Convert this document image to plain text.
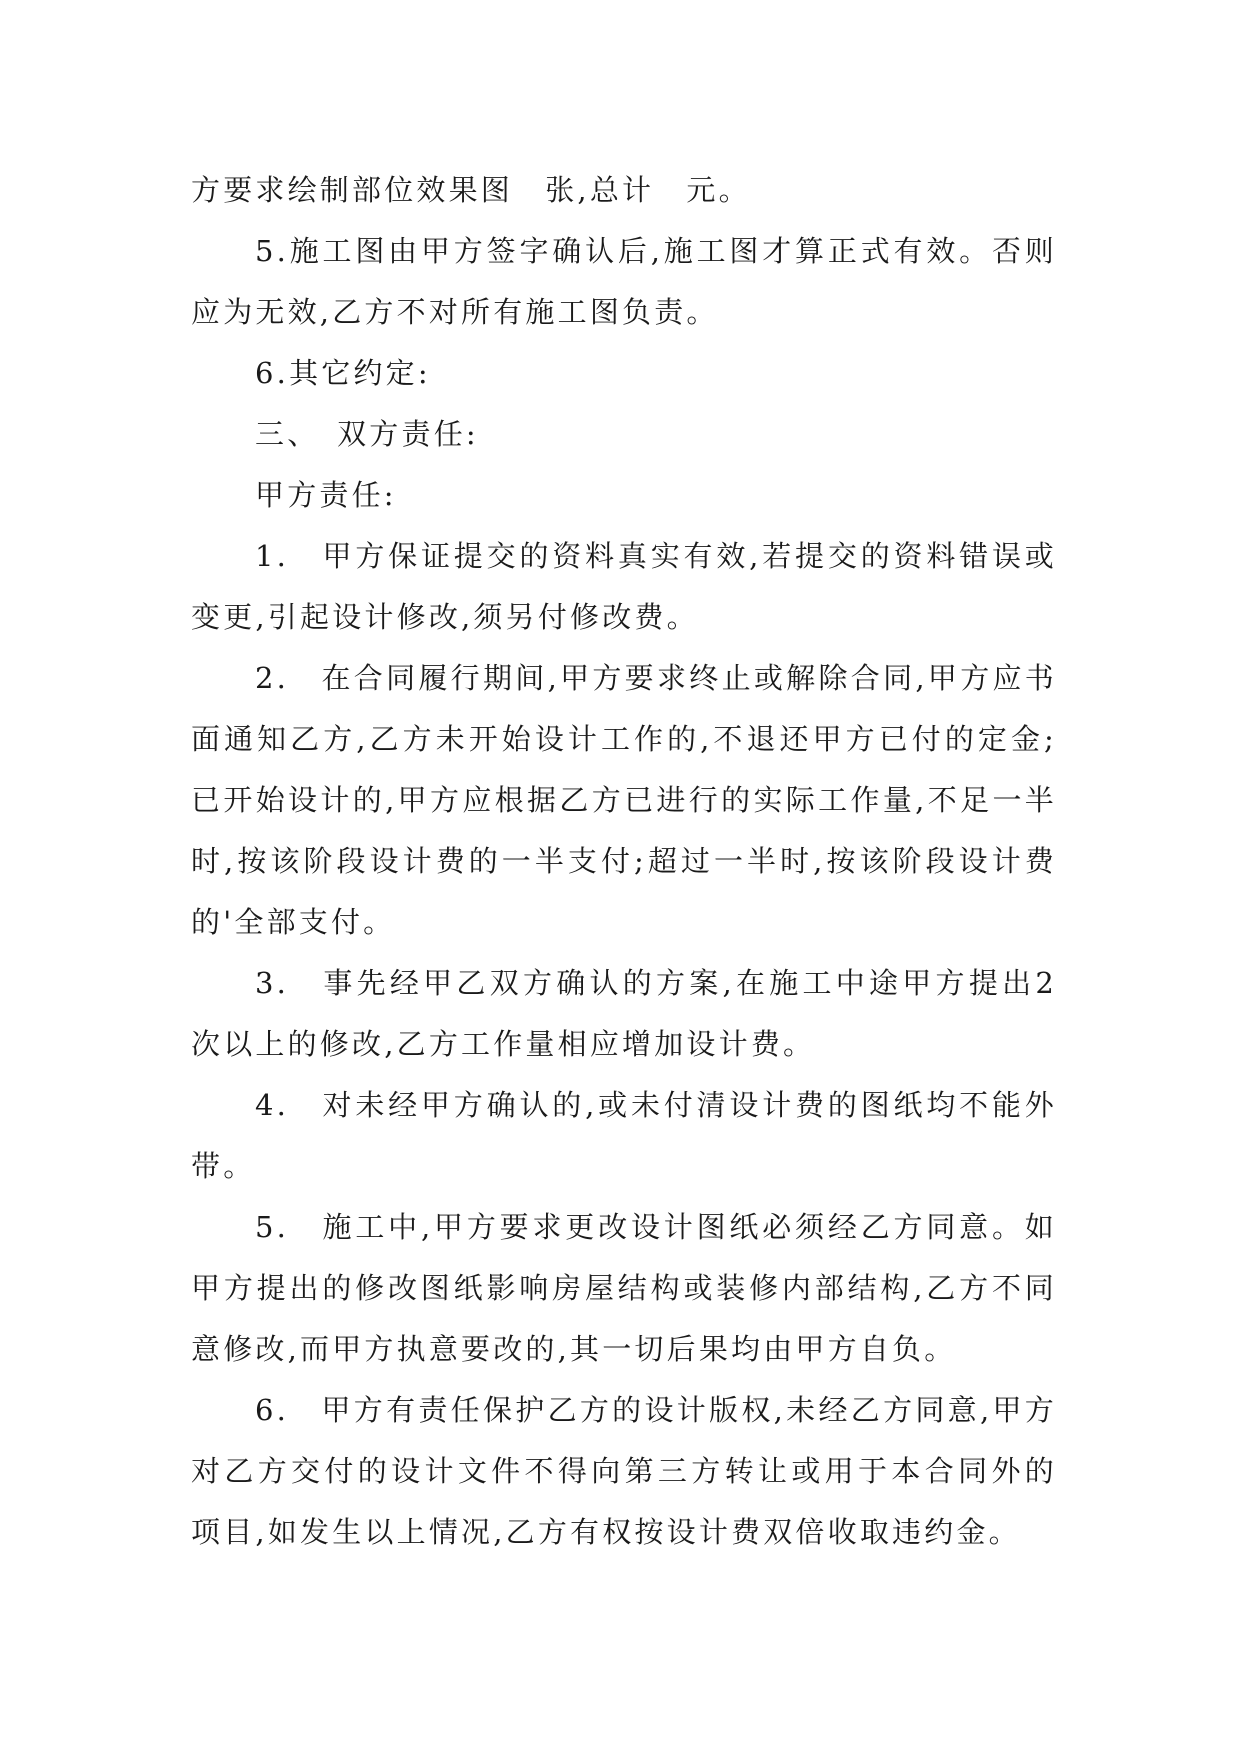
方要求绘制部位效果图　张,总计　元。

5.施工图由甲方签字确认后,施工图才算正式有效。否则应为无效,乙方不对所有施工图负责。

6.其它约定:

三、　双方责任:

甲方责任:

1.　甲方保证提交的资料真实有效,若提交的资料错误或变更,引起设计修改,须另付修改费。

2.　在合同履行期间,甲方要求终止或解除合同,甲方应书面通知乙方,乙方未开始设计工作的,不退还甲方已付的定金;已开始设计的,甲方应根据乙方已进行的实际工作量,不足一半时,按该阶段设计费的一半支付;超过一半时,按该阶段设计费的'全部支付。

3.　事先经甲乙双方确认的方案,在施工中途甲方提出2次以上的修改,乙方工作量相应增加设计费。

4.　对未经甲方确认的,或未付清设计费的图纸均不能外带。

5.　施工中,甲方要求更改设计图纸必须经乙方同意。如甲方提出的修改图纸影响房屋结构或装修内部结构,乙方不同意修改,而甲方执意要改的,其一切后果均由甲方自负。

6.　甲方有责任保护乙方的设计版权,未经乙方同意,甲方对乙方交付的设计文件不得向第三方转让或用于本合同外的项目,如发生以上情况,乙方有权按设计费双倍收取违约金。
